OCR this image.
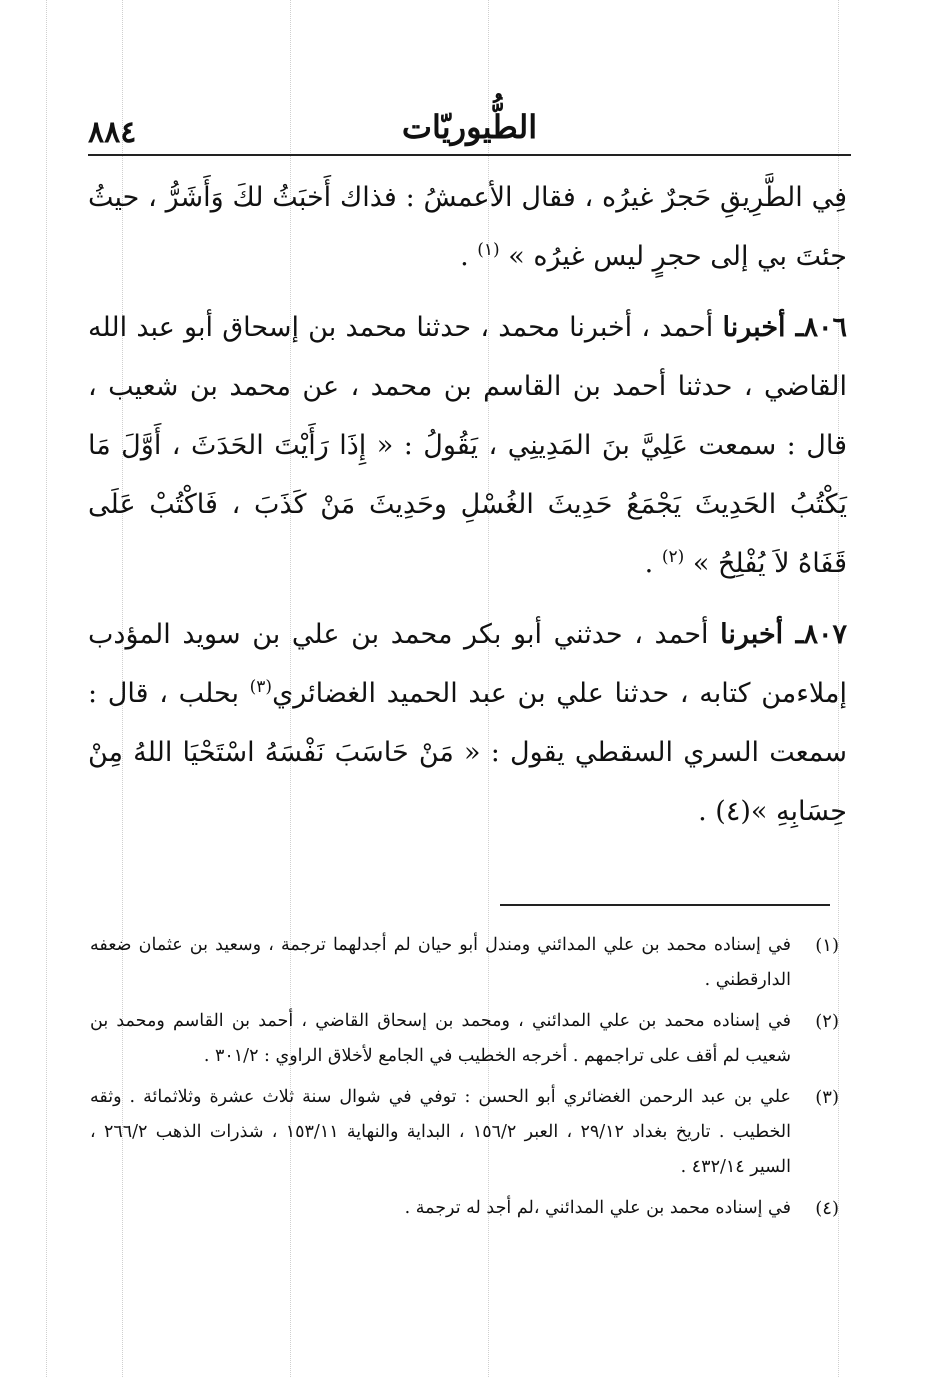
٨٨٤	الطُّيوريّات

فِي الطَّرِيقِ حَجرٌ غيرُه ، فقال الأعمشُ : فذاك أَخبَثُ لكَ وَأَشَرُّ ، حيثُ جئتَ بي إلى حجرٍ ليس غيرُه » $^{(١)}$ .

٨٠٦ـ أخبرنا أحمد ، أخبرنا محمد ، حدثنا محمد بن إسحاق أبو عبد الله القاضي ، حدثنا أحمد بن القاسم بن محمد ، عن محمد بن شعيب ، قال : سمعت عَلِيَّ بنَ المَدِينِي ، يَقُولُ : « إِذَا رَأَيْتَ الحَدَثَ ، أَوَّلَ مَا يَكْتُبُ الحَدِيثَ يَجْمَعُ حَدِيثَ الغُسْلِ وحَدِيثَ مَنْ كَذَبَ ، فَاكْتُبْ عَلَى قَفَاهُ لاَ يُفْلِحُ » $^{(٢)}$ .

٨٠٧ـ أخبرنا أحمد ، حدثني أبو بكر محمد بن علي بن سويد المؤدب إملاءمن كتابه ، حدثنا علي بن عبد الحميد الغضائري$^{(٣)}$ بحلب ، قال : سمعت السري السقطي يقول : « مَنْ حَاسَبَ نَفْسَهُ اسْتَحْيَا اللهُ مِنْ حِسَابِهِ »(٤) .

(١)
في إسناده محمد بن علي المدائني ومندل أبو حيان لم أجدلهما ترجمة ، وسعيد بن عثمان ضعفه الدارقطني .
(٢)
في إسناده محمد بن علي المدائني ، ومحمد بن إسحاق القاضي ، أحمد بن القاسم ومحمد بن شعيب لم أقف على تراجمهم . أخرجه الخطيب في الجامع لأخلاق الراوي : ٣٠١/٢ .
(٣)
علي بن عبد الرحمن الغضائري أبو الحسن : توفي في شوال سنة ثلاث عشرة وثلاثمائة . وثقه الخطيب . تاريخ بغداد ٢٩/١٢ ، العبر ١٥٦/٢ ، البداية والنهاية ١٥٣/١١ ، شذرات الذهب ٢٦٦/٢ ، السير ٤٣٢/١٤ .
(٤)
في إسناده محمد بن علي المدائني ،لم أجد له ترجمة .
